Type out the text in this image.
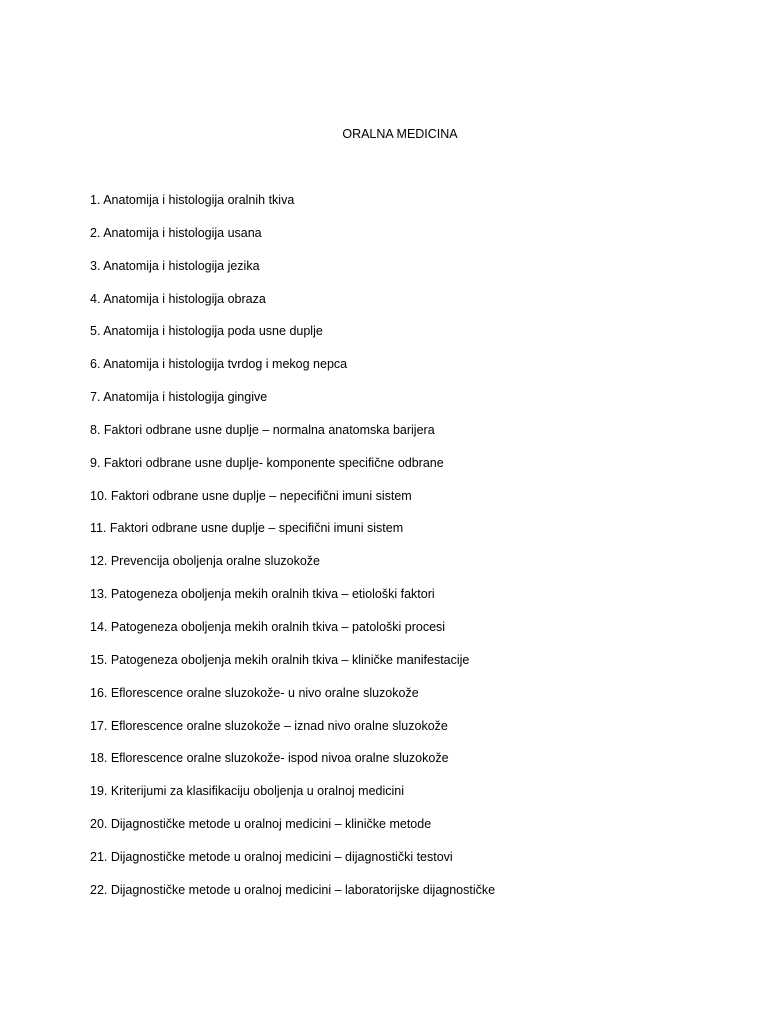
ORALNA MEDICINA
1. Anatomija i histologija oralnih tkiva
2. Anatomija i histologija usana
3. Anatomija i histologija jezika
4. Anatomija i histologija obraza
5. Anatomija i histologija poda usne duplje
6. Anatomija i histologija tvrdog i mekog nepca
7. Anatomija i histologija gingive
8. Faktori odbrane usne duplje – normalna anatomska barijera
9. Faktori odbrane usne duplje- komponente specifične odbrane
10. Faktori odbrane usne duplje – nepecifični imuni sistem
11. Faktori odbrane usne duplje – specifični imuni sistem
12. Prevencija oboljenja oralne sluzokože
13. Patogeneza oboljenja mekih oralnih tkiva – etiološki faktori
14. Patogeneza oboljenja mekih oralnih tkiva – patološki procesi
15. Patogeneza oboljenja mekih oralnih tkiva – kliničke manifestacije
16. Eflorescence oralne sluzokože- u nivo oralne sluzokože
17. Eflorescence oralne sluzokože – iznad nivo oralne sluzokože
18. Eflorescence oralne sluzokože- ispod nivoa oralne sluzokože
19. Kriterijumi za klasifikaciju oboljenja u oralnoj medicini
20. Dijagnostičke metode u oralnoj medicini – kliničke metode
21. Dijagnostičke metode u oralnoj medicini – dijagnostički testovi
22. Dijagnostičke metode u oralnoj medicini – laboratorijske dijagnostičke
